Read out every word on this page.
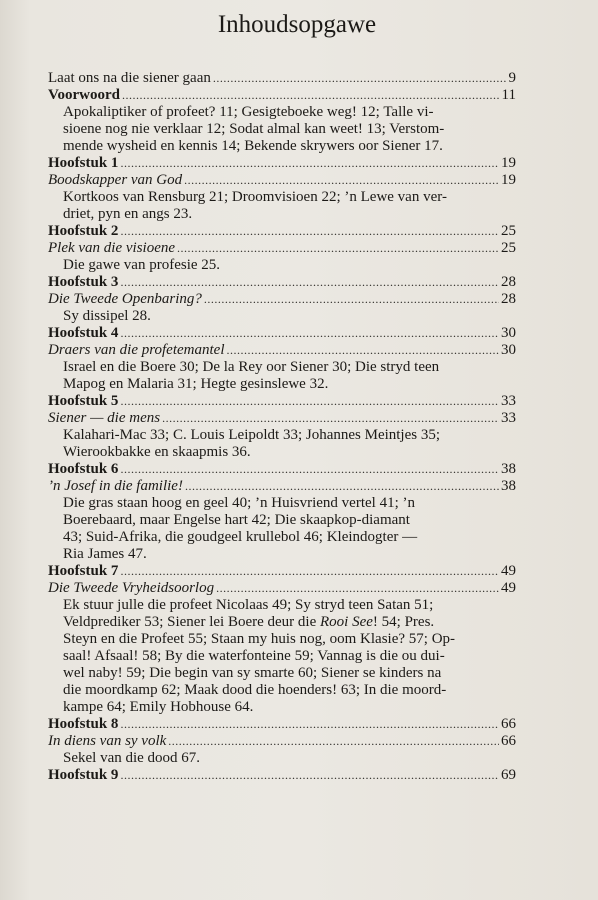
Inhoudsopgawe
Laat ons na die siener gaan .....	9
Voorwoord .....	11
Apokaliptiker of profeet? 11; Gesigteboeke weg! 12; Talle vi-
sioene nog nie verklaar 12; Sodat almal kan weet! 13; Verstom-
mende wysheid en kennis 14; Bekende skrywers oor Siener 17.
Hoofstuk 1 .....	19
Boodskapper van God .....	19
Kortkoos van Rensburg 21; Droomvisioen 22; ’n Lewe van ver-
driet, pyn en angs 23.
Hoofstuk 2 .....	25
Plek van die visioene .....	25
Die gawe van profesie 25.
Hoofstuk 3 .....	28
Die Tweede Openbaring? .....	28
Sy dissipel 28.
Hoofstuk 4 .....	30
Draers van die profetemantel .....	30
Israel en die Boere 30; De la Rey oor Siener 30; Die stryd teen
Mapog en Malaria 31; Hegte gesinslewe 32.
Hoofstuk 5 .....	33
Siener — die mens .....	33
Kalahari-Mac 33; C. Louis Leipoldt 33; Johannes Meintjes 35;
Wierookbakke en skaapmis 36.
Hoofstuk 6 .....	38
’n Josef in die familie! .....	38
Die gras staan hoog en geel 40; ’n Huisvriend vertel 41; ’n
Boerebaard, maar Engelse hart 42; Die skaapkop-diamant
43; Suid-Afrika, die goudgeel krullebol 46; Kleindogter —
Ria James 47.
Hoofstuk 7 .....	49
Die Tweede Vryheidsoorlog .....	49
Ek stuur julle die profeet Nicolaas 49; Sy stryd teen Satan 51;
Veldprediker 53; Siener lei Boere deur die Rooi See! 54; Pres.
Steyn en die Profeet 55; Staan my huis nog, oom Klasie? 57; Op-
saal! Afsaal! 58; By die waterfonteine 59; Vannag is die ou dui-
wel naby! 59; Die begin van sy smarte 60; Siener se kinders na
die moordkamp 62; Maak dood die hoenders! 63; In die moord-
kampe 64; Emily Hobhouse 64.
Hoofstuk 8 .....	66
In diens van sy volk .....	66
Sekel van die dood 67.
Hoofstuk 9 .....	69
